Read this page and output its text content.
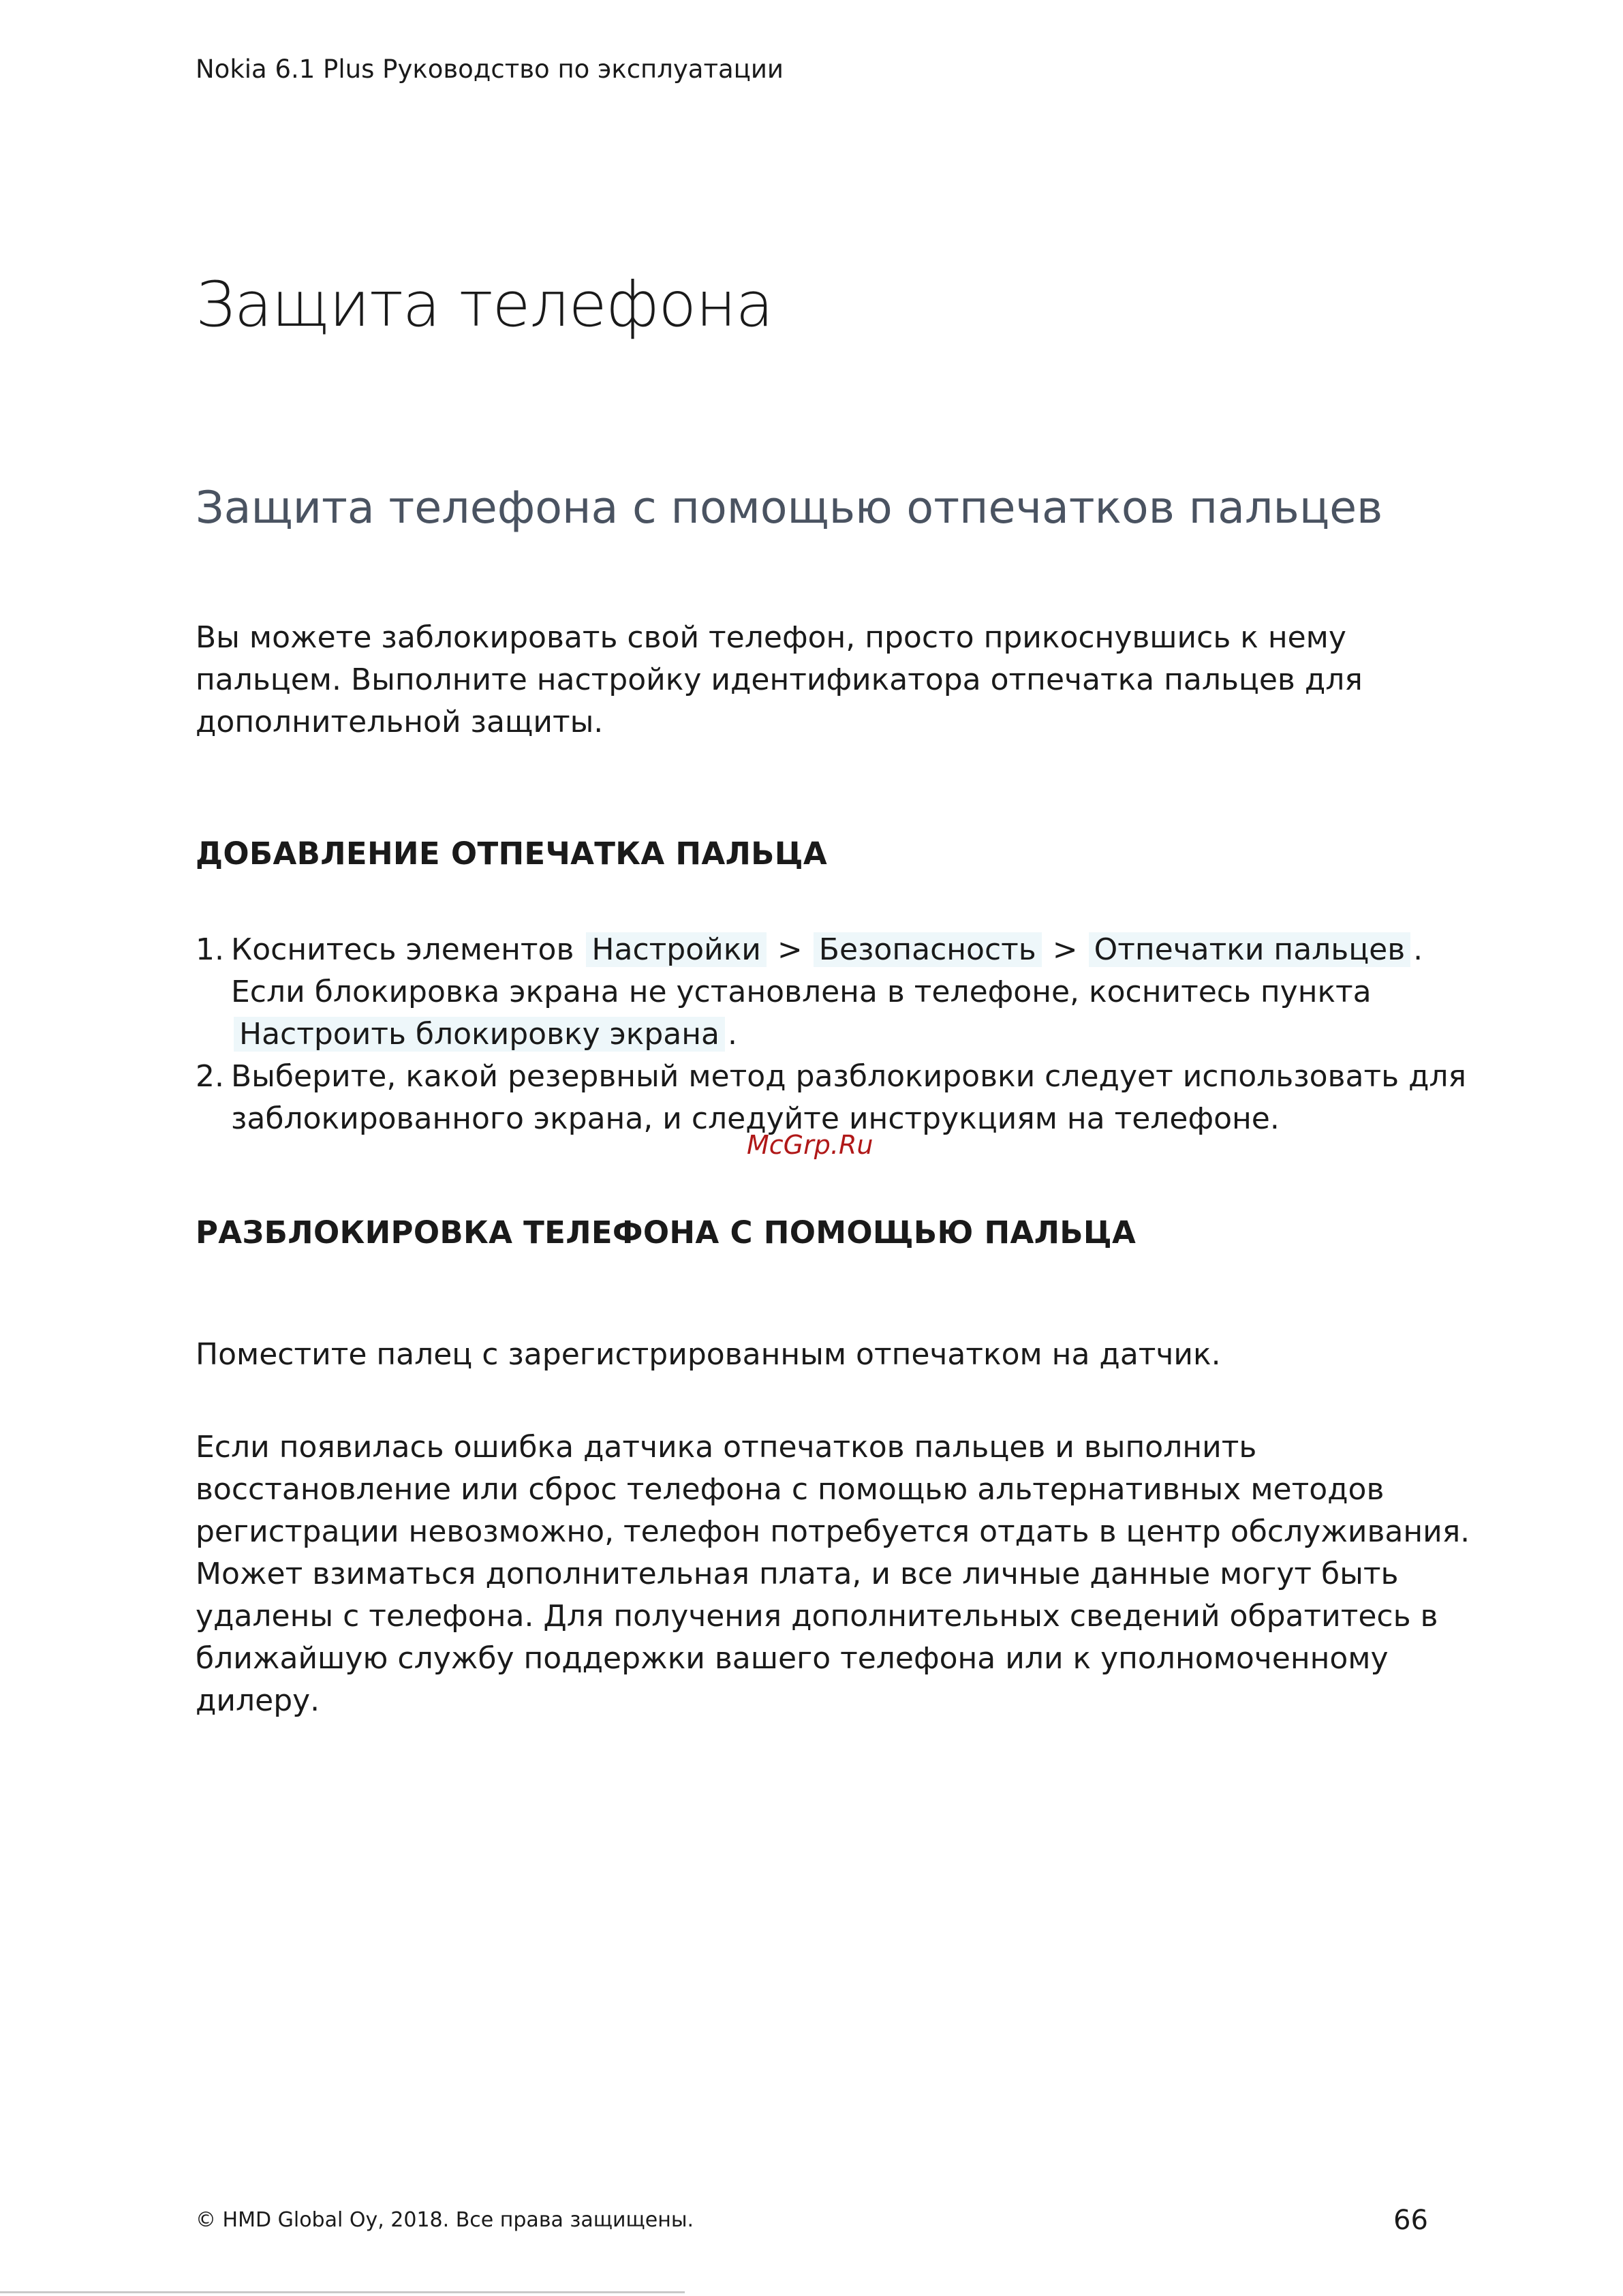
Nokia 6.1 Plus Руководство по эксплуатации
Защита телефона
Защита телефона с помощью отпечатков пальцев

Вы можете заблокировать свой телефон, просто прикоснувшись к нему пальцем. Выполните настройку идентификатора отпечатка пальцев для дополнительной защиты.

ДОБАВЛЕНИЕ ОТПЕЧАТКА ПАЛЬЦА
1. Коснитесь элементов Настройки > Безопасность > Отпечатки пальцев . Если блокировка экрана не установлена в телефоне, коснитесь пункта Настроить блокировку экрана .
2. Выберите, какой резервный метод разблокировки следует использовать для заблокированного экрана, и следуйте инструкциям на телефоне.
McGrp.Ru
РАЗБЛОКИРОВКА ТЕЛЕФОНА С ПОМОЩЬЮ ПАЛЬЦА

Поместите палец с зарегистрированным отпечатком на датчик.

Если появилась ошибка датчика отпечатков пальцев и выполнить восстановление или сброс телефона с помощью альтернативных методов регистрации невозможно, телефон потребуется отдать в центр обслуживания. Может взиматься дополнительная плата, и все личные данные могут быть удалены с телефона. Для получения дополнительных сведений обратитесь в ближайшую службу поддержки вашего телефона или к уполномоченному дилеру.

© HMD Global Oy, 2018. Все права защищены.	66
